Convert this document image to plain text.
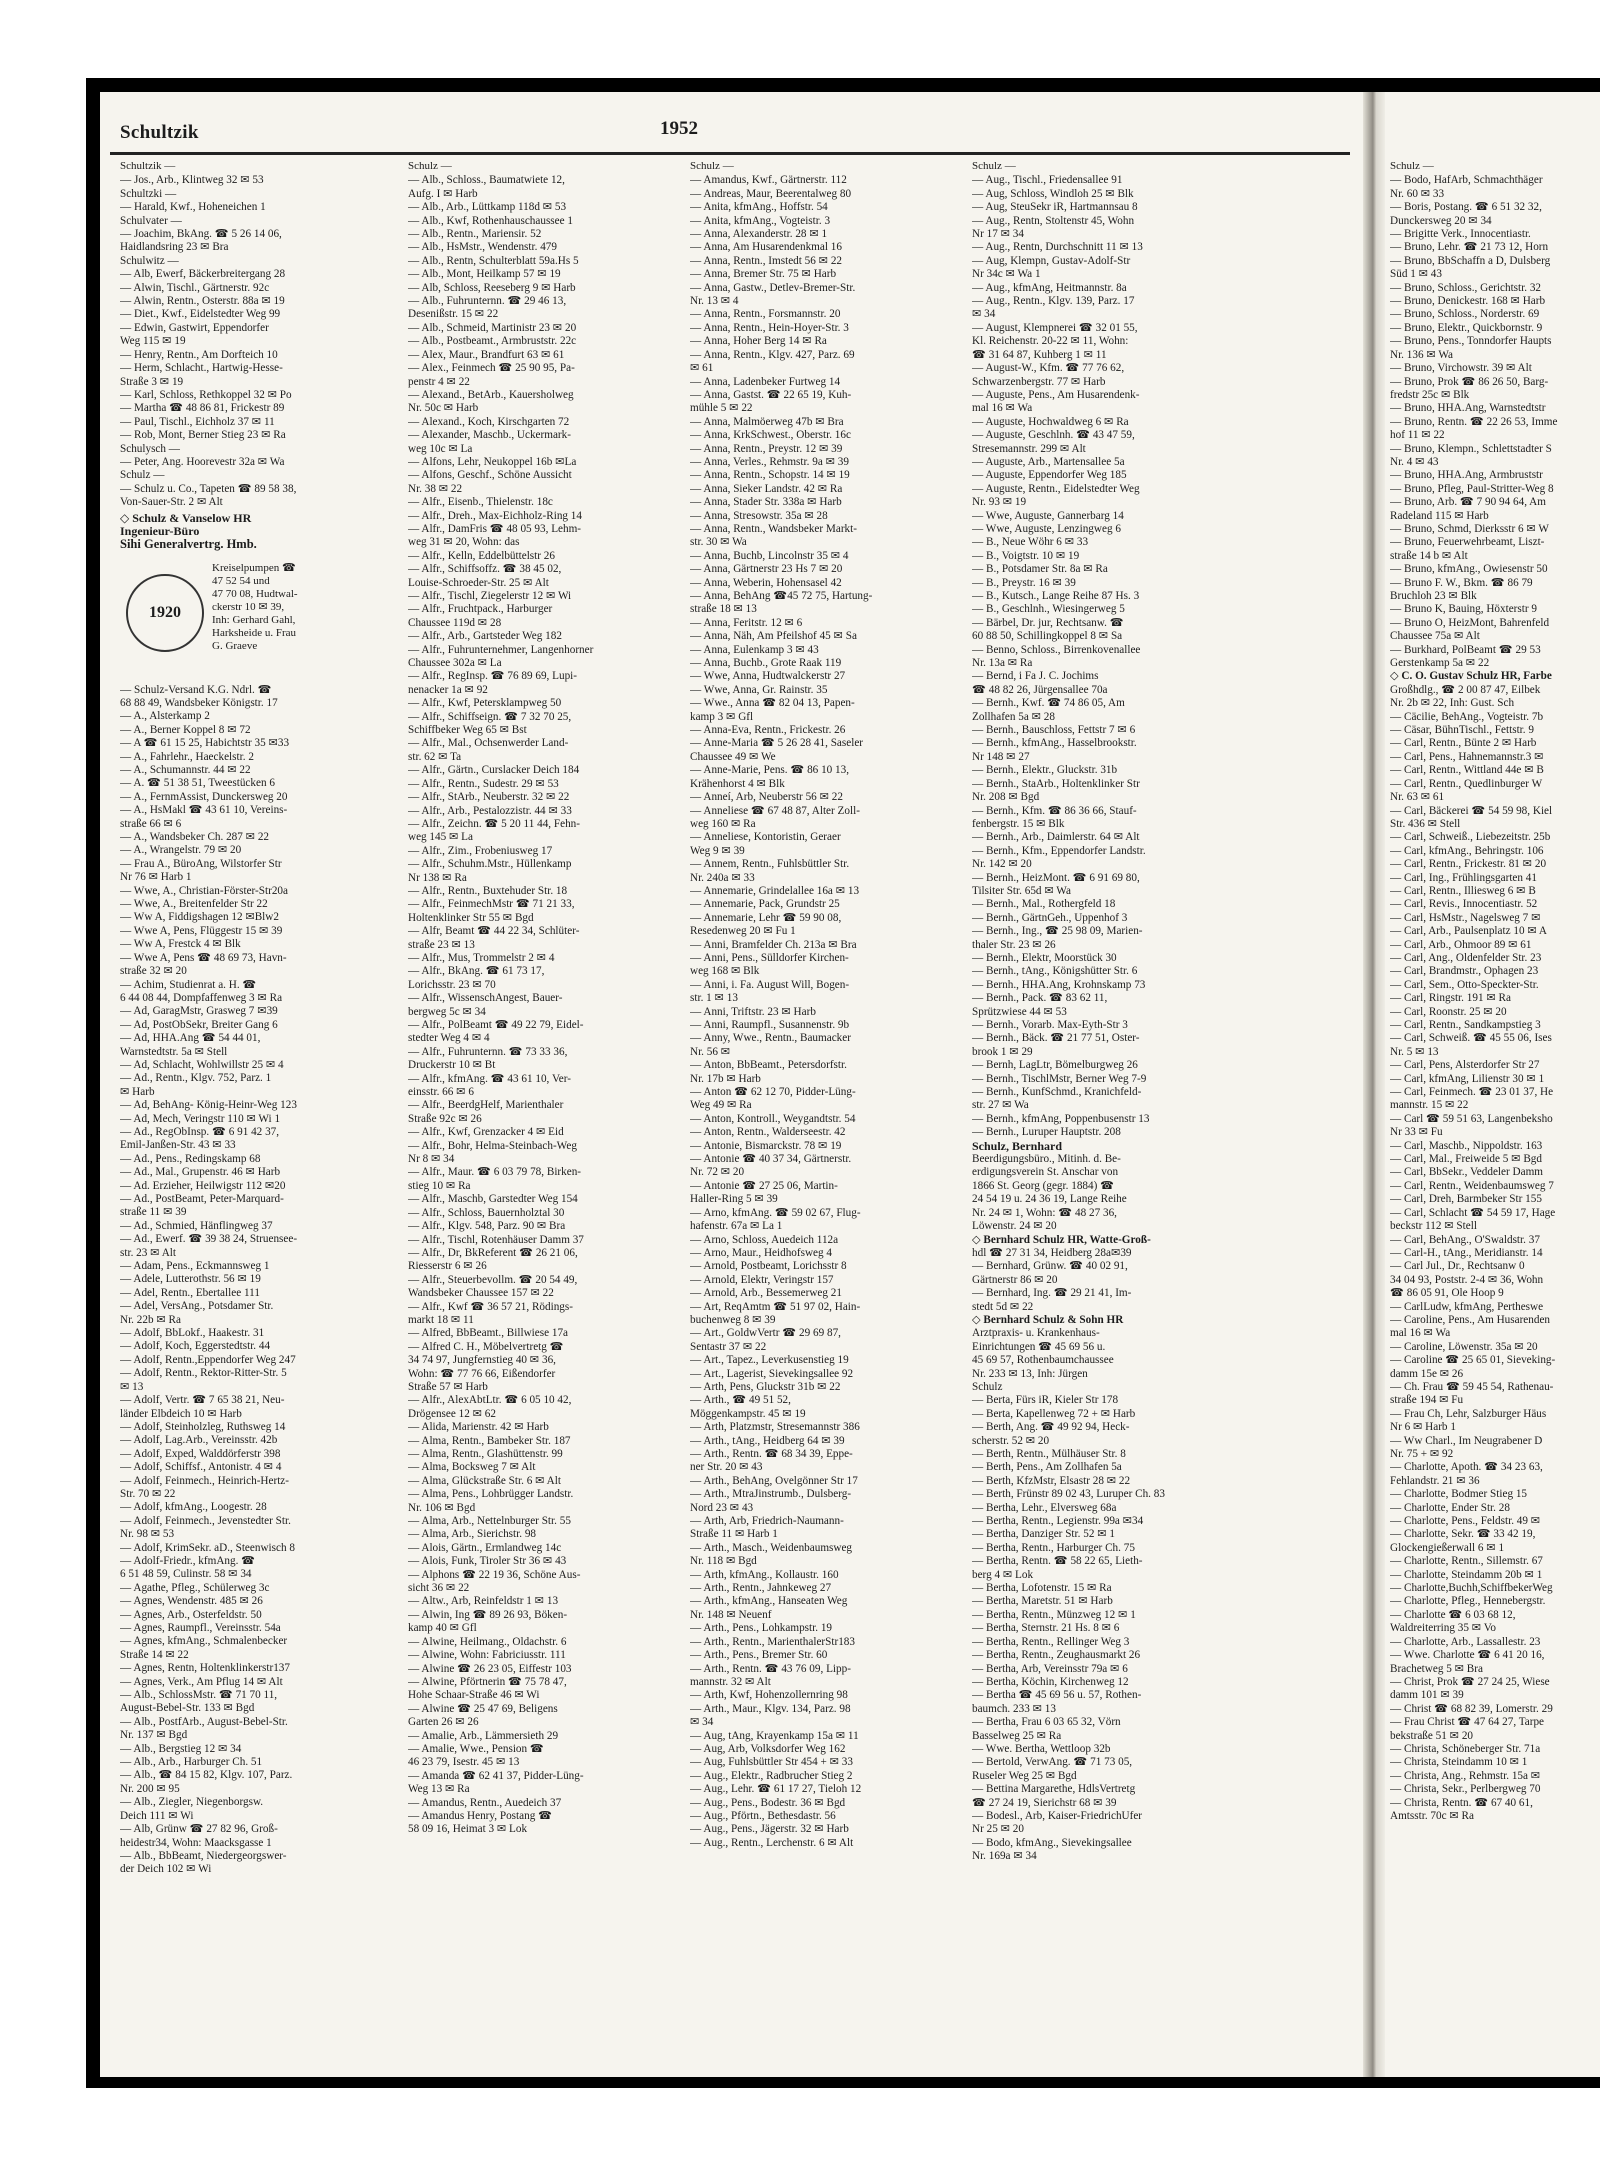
Schultzik	1952
Schultzik —
— Jos., Arb., Klintweg 32 ✉ 53
Schultzki —
— Harald, Kwf., Hoheneichen 1
Schulvater —
— Joachim, BkAng. ☎ 5 26 14 06,
Haidlandsring 23 ✉ Bra
Schulwitz —
— Alb, Ewerf, Bäckerbreitergang 28
— Alwin, Tischl., Gärtnerstr. 92c
— Alwin, Rentn., Osterstr. 88a ✉ 19
— Diet., Kwf., Eidelstedter Weg 99
— Edwin, Gastwirt, Eppendorfer
Weg 115 ✉ 19
— Henry, Rentn., Am Dorfteich 10
— Herm, Schlacht., Hartwig-Hesse-
Straße 3 ✉ 19
— Karl, Schloss, Rethkoppel 32 ✉ Po
— Martha ☎ 48 86 81, Frickestr 89
— Paul, Tischl., Eichholz 37 ✉ 11
— Rob, Mont, Berner Stieg 23 ✉ Ra
Schulysch —
— Peter, Ang. Hoorevestr 32a ✉ Wa
Schulz —
— Schulz u. Co., Tapeten ☎ 89 58 38,
Von-Sauer-Str. 2 ✉ Alt
◇ Schulz & Vanselow HR
Ingenieur-Büro
Sihi Generalvertrg. Hmb.
1920
Kreiselpumpen ☎
47 52 54 und
47 70 08, Hudtwal-
ckerstr 10 ✉ 39,
Inh: Gerhard Gahl,
Harksheide u. Frau
G. Graeve
— Schulz-Versand K.G. Ndrl. ☎
68 88 49, Wandsbeker Königstr. 17
— A., Alsterkamp 2
— A., Berner Koppel 8 ✉ 72
— A ☎ 61 15 25, Habichtstr 35 ✉33
— A., Fahrlehr., Haeckelstr. 2
— A., Schumannstr. 44 ✉ 22
— A. ☎ 51 38 51, Tweestücken 6
— A., FernmAssist, Dunckersweg 20
— A., HsMakl ☎ 43 61 10, Vereins-
straße 66 ✉ 6
— A., Wandsbeker Ch. 287 ✉ 22
— A., Wrangelstr. 79 ✉ 20
— Frau A., BüroAng, Wilstorfer Str
Nr 76 ✉ Harb 1
— Wwe, A., Christian-Förster-Str20a
— Wwe, A., Breitenfelder Str 22
— Ww A, Fiddigshagen 12 ✉Blw2
— Wwe A, Pens, Flüggestr 15 ✉ 39
— Ww A, Frestck 4 ✉ Blk
— Wwe A, Pens ☎ 48 69 73, Havn-
straße 32 ✉ 20
— Achim, Studienrat a. H. ☎
6 44 08 44, Dompfaffenweg 3 ✉ Ra
— Ad, GaragMstr, Grasweg 7 ✉39
— Ad, PostObSekr, Breiter Gang 6
— Ad, HHA.Ang ☎ 54 44 01,
Warnstedtstr. 5a ✉ Stell
— Ad, Schlacht, Wohlwillstr 25 ✉ 4
— Ad., Rentn., Klgv. 752, Parz. 1
✉ Harb
— Ad, BehAng- König-Heinr-Weg 123
— Ad, Mech, Veringstr 110 ✉ Wi 1
— Ad., RegObInsp. ☎ 6 91 42 37,
Emil-Janßen-Str. 43 ✉ 33
— Ad., Pens., Redingskamp 68
— Ad., Mal., Grupenstr. 46 ✉ Harb
— Ad. Erzieher, Heilwigstr 112 ✉20
— Ad., PostBeamt, Peter-Marquard-
straße 11 ✉ 39
— Ad., Schmied, Hänflingweg 37
— Ad., Ewerf. ☎ 39 38 24, Struensee-
str. 23 ✉ Alt
— Adam, Pens., Eckmannsweg 1
— Adele, Lutterothstr. 56 ✉ 19
— Adel, Rentn., Ebertallee 111
— Adel, VersAng., Potsdamer Str.
Nr. 22b ✉ Ra
— Adolf, BbLokf., Haakestr. 31
— Adolf, Koch, Eggerstedtstr. 44
— Adolf, Rentn.,Eppendorfer Weg 247
— Adolf, Rentn., Rektor-Ritter-Str. 5
✉ 13
— Adolf, Vertr. ☎ 7 65 38 21, Neu-
länder Elbdeich 10 ✉ Harb
— Adolf, Steinholzleg, Ruthsweg 14
— Adolf, Lag.Arb., Vereinsstr. 42b
— Adolf, Exped, Walddörferstr 398
— Adolf, Schiffsf., Antonistr. 4 ✉ 4
— Adolf, Feinmech., Heinrich-Hertz-
Str. 70 ✉ 22
— Adolf, kfmAng., Loogestr. 28
— Adolf, Feinmech., Jevenstedter Str.
Nr. 98 ✉ 53
— Adolf, KrimSekr. aD., Steenwisch 8
— Adolf-Friedr., kfmAng. ☎
6 51 48 59, Culinstr. 58 ✉ 34
— Agathe, Pfleg., Schülerweg 3c
— Agnes, Wendenstr. 485 ✉ 26
— Agnes, Arb., Osterfeldstr. 50
— Agnes, Raumpfl., Vereinsstr. 54a
— Agnes, kfmAng., Schmalenbecker
Straße 14 ✉ 22
— Agnes, Rentn, Holtenklinkerstr137
— Agnes, Verk., Am Pflug 14 ✉ Alt
— Alb., SchlossMstr. ☎ 71 70 11,
August-Bebel-Str. 133 ✉ Bgd
— Alb., PostfArb., August-Bebel-Str.
Nr. 137 ✉ Bgd
— Alb., Bergstieg 12 ✉ 34
— Alb., Arb., Harburger Ch. 51
— Alb., ☎ 84 15 82, Klgv. 107, Parz.
Nr. 200 ✉ 95
— Alb., Ziegler, Niegenborgsw.
Deich 111 ✉ Wi
— Alb, Grünw ☎ 27 82 96, Groß-
heidestr34, Wohn: Maacksgasse 1
— Alb., BbBeamt, Niedergeorgswer-
der Deich 102 ✉ Wi
Schulz —
— Alb., Schloss., Baumatwiete 12,
Aufg. I ✉ Harb
— Alb., Arb., Lüttkamp 118d ✉ 53
— Alb., Kwf, Rothenhauschaussee 1
— Alb., Rentn., Mariensir. 52
— Alb., HsMstr., Wendenstr. 479
— Alb., Rentn, Schulterblatt 59a.Hs 5
— Alb., Mont, Heilkamp 57 ✉ 19
— Alb, Schloss, Reeseberg 9 ✉ Harb
— Alb., Fuhrunternn. ☎ 29 46 13,
Desenißstr. 15 ✉ 22
— Alb., Schmeid, Martinistr 23 ✉ 20
— Alb., Postbeamt., Armbruststr. 22c
— Alex, Maur., Brandfurt 63 ✉ 61
— Alex., Feinmech ☎ 25 90 95, Pa-
penstr 4 ✉ 22
— Alexand., BetArb., Kauersholweg
Nr. 50c ✉ Harb
— Alexand., Koch, Kirschgarten 72
— Alexander, Maschb., Uckermark-
weg 10c ✉ La
— Alfons, Lehr, Neukoppel 16b ✉La
— Alfons, Geschf., Schöne Aussicht
Nr. 38 ✉ 22
— Alfr., Eisenb., Thielenstr. 18c
— Alfr., Dreh., Max-Eichholz-Ring 14
— Alfr., DamFris ☎ 48 05 93, Lehm-
weg 31 ✉ 20, Wohn: das
— Alfr., Kelln, Eddelbüttelstr 26
— Alfr., Schiffsoffz. ☎ 38 45 02,
Louise-Schroeder-Str. 25 ✉ Alt
— Alfr., Tischl, Ziegelerstr 12 ✉ Wi
— Alfr., Fruchtpack., Harburger
Chaussee 119d ✉ 28
— Alfr., Arb., Gartsteder Weg 182
— Alfr., Fuhrunternehmer, Langenhorner
Chaussee 302a ✉ La
— Alfr., RegInsp. ☎ 76 89 69, Lupi-
nenacker 1a ✉ 92
— Alfr., Kwf, Petersklampweg 50
— Alfr., Schiffseign. ☎ 7 32 70 25,
Schiffbeker Weg 65 ✉ Bst
— Alfr., Mal., Ochsenwerder Land-
str. 62 ✉ Ta
— Alfr., Gärtn., Curslacker Deich 184
— Alfr., Rentn., Sudestr. 29 ✉ 53
— Alfr., StArb., Neuberstr. 32 ✉ 22
— Alfr., Arb., Pestalozzistr. 44 ✉ 33
— Alfr., Zeichn. ☎ 5 20 11 44, Fehn-
weg 145 ✉ La
— Alfr., Zim., Frobeniusweg 17
— Alfr., Schuhm.Mstr., Hüllenkamp
Nr 138 ✉ Ra
— Alfr., Rentn., Buxtehuder Str. 18
— Alfr., FeinmechMstr ☎ 71 21 33,
Holtenklinker Str 55 ✉ Bgd
— Alfr, Beamt ☎ 44 22 34, Schlüter-
straße 23 ✉ 13
— Alfr., Mus, Trommelstr 2 ✉ 4
— Alfr., BkAng. ☎ 61 73 17,
Lorichsstr. 23 ✉ 70
— Alfr., WissenschAngest, Bauer-
bergweg 5c ✉ 34
— Alfr., PolBeamt ☎ 49 22 79, Eidel-
stedter Weg 4 ✉ 4
— Alfr., Fuhrunternn. ☎ 73 33 36,
Druckerstr 10 ✉ Bt
— Alfr., kfmAng. ☎ 43 61 10, Ver-
einsstr. 66 ✉ 6
— Alfr., BeerdgHelf, Marienthaler
Straße 92c ✉ 26
— Alfr., Kwf, Grenzacker 4 ✉ Eid
— Alfr., Bohr, Helma-Steinbach-Weg
Nr 8 ✉ 34
— Alfr., Maur. ☎ 6 03 79 78, Birken-
stieg 10 ✉ Ra
— Alfr., Maschb, Garstedter Weg 154
— Alfr., Schloss, Bauernholztal 30
— Alfr., Klgv. 548, Parz. 90 ✉ Bra
— Alfr., Tischl, Rotenhäuser Damm 37
— Alfr., Dr, BkReferent ☎ 26 21 06,
Riesserstr 6 ✉ 26
— Alfr., Steuerbevollm. ☎ 20 54 49,
Wandsbeker Chaussee 157 ✉ 22
— Alfr., Kwf ☎ 36 57 21, Rödings-
markt 18 ✉ 11
— Alfred, BbBeamt., Billwiese 17a
— Alfred C. H., Möbelvertretg ☎
34 74 97, Jungfernstieg 40 ✉ 36,
Wohn: ☎ 77 76 66, Eißendorfer
Straße 57 ✉ Harb
— Alfr., AlexAbtLtr. ☎ 6 05 10 42,
Drögensee 12 ✉ 62
— Alida, Marienstr. 42 ✉ Harb
— Alma, Rentn., Bambeker Str. 187
— Alma, Rentn., Glashüttenstr. 99
— Alma, Bocksweg 7 ✉ Alt
— Alma, Glückstraße Str. 6 ✉ Alt
— Alma, Pens., Lohbrügger Landstr.
Nr. 106 ✉ Bgd
— Alma, Arb., Nettelnburger Str. 55
— Alma, Arb., Sierichstr. 98
— Alois, Gärtn., Ermlandweg 14c
— Alois, Funk, Tiroler Str 36 ✉ 43
— Alphons ☎ 22 19 36, Schöne Aus-
sicht 36 ✉ 22
— Altw., Arb, Reinfeldstr 1 ✉ 13
— Alwin, Ing ☎ 89 26 93, Böken-
kamp 40 ✉ Gfl
— Alwine, Heilmang., Oldachstr. 6
— Alwine, Wohn: Fabriciusstr. 111
— Alwine ☎ 26 23 05, Eiffestr 103
— Alwine, Pförtnerin ☎ 75 78 47,
Hohe Schaar-Straße 46 ✉ Wi
— Alwine ☎ 25 47 69, Beligens
Garten 26 ✉ 26
— Amalie, Arb., Lämmersieth 29
— Amalie, Wwe., Pension ☎
46 23 79, Isestr. 45 ✉ 13
— Amanda ☎ 62 41 37, Pidder-Lüng-
Weg 13 ✉ Ra
— Amandus, Rentn., Auedeich 37
— Amandus Henry, Postang ☎
58 09 16, Heimat 3 ✉ Lok
Schulz —
— Amandus, Kwf., Gärtnerstr. 112
— Andreas, Maur, Beerentalweg 80
— Anita, kfmAng., Hoffstr. 54
— Anita, kfmAng., Vogteistr. 3
— Anna, Alexanderstr. 28 ✉ 1
— Anna, Am Husarendenkmal 16
— Anna, Rentn., Imstedt 56 ✉ 22
— Anna, Bremer Str. 75 ✉ Harb
— Anna, Gastw., Detlev-Bremer-Str.
Nr. 13 ✉ 4
— Anna, Rentn., Forsmannstr. 20
— Anna, Rentn., Hein-Hoyer-Str. 3
— Anna, Hoher Berg 14 ✉ Ra
— Anna, Rentn., Klgv. 427, Parz. 69
✉ 61
— Anna, Ladenbeker Furtweg 14
— Anna, Gastst. ☎ 22 65 19, Kuh-
mühle 5 ✉ 22
— Anna, Malmöerweg 47b ✉ Bra
— Anna, KrkSchwest., Oberstr. 16c
— Anna, Rentn., Preystr. 12 ✉ 39
— Anna, Verles., Rehmstr. 9a ✉ 39
— Anna, Rentn., Schopstr. 14 ✉ 19
— Anna, Sieker Landstr. 42 ✉ Ra
— Anna, Stader Str. 338a ✉ Harb
— Anna, Stresowstr. 35a ✉ 28
— Anna, Rentn., Wandsbeker Markt-
str. 30 ✉ Wa
— Anna, Buchb, Lincolnstr 35 ✉ 4
— Anna, Gärtnerstr 23 Hs 7 ✉ 20
— Anna, Weberin, Hohensasel 42
— Anna, BehAng ☎45 72 75, Hartung-
straße 18 ✉ 13
— Anna, Feritstr. 12 ✉ 6
— Anna, Näh, Am Pfeilshof 45 ✉ Sa
— Anna, Eulenkamp 3 ✉ 43
— Anna, Buchb., Grote Raak 119
— Wwe, Anna, Hudtwalckerstr 27
— Wwe, Anna, Gr. Rainstr. 35
— Wwe., Anna ☎ 82 04 13, Papen-
kamp 3 ✉ Gfl
— Anna-Eva, Rentn., Frickestr. 26
— Anne-Maria ☎ 5 26 28 41, Saseler
Chaussee 49 ✉ We
— Anne-Marie, Pens. ☎ 86 10 13,
Krähenhorst 4 ✉ Blk
— Anneí, Arb, Neuberstr 56 ✉ 22
— Anneliese ☎ 67 48 87, Alter Zoll-
weg 160 ✉ Ra
— Anneliese, Kontoristin, Geraer
Weg 9 ✉ 39
— Annem, Rentn., Fuhlsbüttler Str.
Nr. 240a ✉ 33
— Annemarie, Grindelallee 16a ✉ 13
— Annemarie, Pack, Grundstr 25
— Annemarie, Lehr ☎ 59 90 08,
Resedenweg 20 ✉ Fu 1
— Anni, Bramfelder Ch. 213a ✉ Bra
— Anni, Pens., Sülldorfer Kirchen-
weg 168 ✉ Blk
— Anni, i. Fa. August Will, Bogen-
str. 1 ✉ 13
— Anni, Triftstr. 23 ✉ Harb
— Anni, Raumpfl., Susannenstr. 9b
— Anny, Wwe., Rentn., Baumacker
Nr. 56 ✉
— Anton, BbBeamt., Petersdorfstr.
Nr. 17b ✉ Harb
— Anton ☎ 62 12 70, Pidder-Lüng-
Weg 49 ✉ Ra
— Anton, Kontroll., Weygandtstr. 54
— Anton, Rentn., Walderseestr. 42
— Antonie, Bismarckstr. 78 ✉ 19
— Antonie ☎ 40 37 34, Gärtnerstr.
Nr. 72 ✉ 20
— Antonie ☎ 27 25 06, Martin-
Haller-Ring 5 ✉ 39
— Arno, kfmAng. ☎ 59 02 67, Flug-
hafenstr. 67a ✉ La 1
— Arno, Schloss, Auedeich 112a
— Arno, Maur., Heidhofsweg 4
— Arnold, Postbeamt, Lorichsstr 8
— Arnold, Elektr, Veringstr 157
— Arnold, Arb., Bessemerweg 21
— Art, ReqAmtm ☎ 51 97 02, Hain-
buchenweg 8 ✉ 39
— Art., GoldwVertr ☎ 29 69 87,
Sentastr 37 ✉ 22
— Art., Tapez., Leverkusenstieg 19
— Art., Lagerist, Sievekingsallee 92
— Arth, Pens, Gluckstr 31b ✉ 22
— Arth., ☎ 49 51 52,
Möggenkampstr. 45 ✉ 19
— Arth, Platzmstr, Stresemannstr 386
— Arth., tAng., Heidberg 64 ✉ 39
— Arth., Rentn. ☎ 68 34 39, Eppe-
ner Str. 20 ✉ 43
— Arth., BehAng, Ovelgönner Str 17
— Arth., MtraJinstrumb., Dulsberg-
Nord 23 ✉ 43
— Arth, Arb, Friedrich-Naumann-
Straße 11 ✉ Harb 1
— Arth., Masch., Weidenbaumsweg
Nr. 118 ✉ Bgd
— Arth, kfmAng., Kollaustr. 160
— Arth., Rentn., Jahnkeweg 27
— Arth., kfmAng., Hanseaten Weg
Nr. 148 ✉ Neuenf
— Arth., Pens., Lohkampstr. 19
— Arth., Rentn., MarienthalerStr183
— Arth., Pens., Bremer Str. 60
— Arth., Rentn. ☎ 43 76 09, Lipp-
mannstr. 32 ✉ Alt
— Arth, Kwf, Hohenzollernring 98
— Arth., Maur., Klgv. 134, Parz. 98
✉ 34
— Aug, tAng, Krayenkamp 15a ✉ 11
— Aug, Arb, Volksdorfer Weg 162
— Aug, Fuhlsbüttler Str 454 + ✉ 33
— Aug., Elektr., Radbrucher Stieg 2
— Aug., Lehr. ☎ 61 17 27, Tieloh 12
— Aug., Pens., Bodestr. 36 ✉ Bgd
— Aug., Pförtn., Bethesdastr. 56
— Aug., Pens., Jägerstr. 32 ✉ Harb
— Aug., Rentn., Lerchenstr. 6 ✉ Alt
Schulz —
— Aug., Tischl., Friedensallee 91
— Aug, Schloss, Windloh 25 ✉ Blk
— Aug, SteuSekr iR, Hartmannsau 8
— Aug., Rentn, Stoltenstr 45, Wohn
Nr 17 ✉ 34
— Aug., Rentn, Durchschnitt 11 ✉ 13
— Aug, Klempn, Gustav-Adolf-Str
Nr 34c ✉ Wa 1
— Aug., kfmAng, Heitmannstr. 8a
— Aug., Rentn., Klgv. 139, Parz. 17
✉ 34
— August, Klempnerei ☎ 32 01 55,
Kl. Reichenstr. 20-22 ✉ 11, Wohn:
☎ 31 64 87, Kuhberg 1 ✉ 11
— August-W., Kfm. ☎ 77 76 62,
Schwarzenbergstr. 77 ✉ Harb
— Auguste, Pens., Am Husarendenk-
mal 16 ✉ Wa
— Auguste, Hochwaldweg 6 ✉ Ra
— Auguste, Geschlnh. ☎ 43 47 59,
Stresemannstr. 299 ✉ Alt
— Auguste, Arb., Martensallee 5a
— Auguste, Eppendorfer Weg 185
— Auguste, Rentn., Eidelstedter Weg
Nr. 93 ✉ 19
— Wwe, Auguste, Gannerbarg 14
— Wwe, Auguste, Lenzingweg 6
— B., Neue Wöhr 6 ✉ 33
— B., Voigtstr. 10 ✉ 19
— B., Potsdamer Str. 8a ✉ Ra
— B., Preystr. 16 ✉ 39
— B., Kutsch., Lange Reihe 87 Hs. 3
— B., Geschlnh., Wiesingerweg 5
— Bärbel, Dr. jur, Rechtsanw. ☎
60 88 50, Schillingkoppel 8 ✉ Sa
— Benno, Schloss., Birrenkovenallee
Nr. 13a ✉ Ra
— Bernd, i Fa J. C. Jochims
☎ 48 82 26, Jürgensallee 70a
— Bernh., Kwf. ☎ 74 86 05, Am
Zollhafen 5a ✉ 28
— Bernh., Bauschloss, Fettstr 7 ✉ 6
— Bernh., kfmAng., Hasselbrookstr.
Nr 148 ✉ 27
— Bernh., Elektr., Gluckstr. 31b
— Bernh., StaArb., Holtenklinker Str
Nr. 208 ✉ Bgd
— Bernh., Kfm. ☎ 86 36 66, Stauf-
fenbergstr. 15 ✉ Blk
— Bernh., Arb., Daimlerstr. 64 ✉ Alt
— Bernh., Kfm., Eppendorfer Landstr.
Nr. 142 ✉ 20
— Bernh., HeizMont. ☎ 6 91 69 80,
Tilsiter Str. 65d ✉ Wa
— Bernh., Mal., Rothergfeld 18
— Bernh., GärtnGeh., Uppenhof 3
— Bernh., Ing., ☎ 25 98 09, Marien-
thaler Str. 23 ✉ 26
— Bernh., Elektr, Moorstück 30
— Bernh., tAng., Königshütter Str. 6
— Bernh., HHA.Ang, Krohnskamp 73
— Bernh., Pack. ☎ 83 62 11,
Sprützwiese 44 ✉ 53
— Bernh., Vorarb. Max-Eyth-Str 3
— Bernh., Bäck. ☎ 21 77 51, Oster-
brook 1 ✉ 29
— Bernh, LagLtr, Bömelburgweg 26
— Bernh., TischlMstr, Berner Weg 7-9
— Bernh., KunfSchmd., Kranichfeld-
str. 27 ✉ Wa
— Bernh., kfmAng, Poppenbusenstr 13
— Bernh., Luruper Hauptstr. 208
Schulz, Bernhard
Beerdigungsbüro., Mitinh. d. Be-
erdigungsverein St. Anschar von
1866 St. Georg (gegr. 1884) ☎
24 54 19 u. 24 36 19, Lange Reihe
Nr. 24 ✉ 1, Wohn: ☎ 48 27 36,
Löwenstr. 24 ✉ 20
◇ Bernhard Schulz HR, Watte-Groß-
hdl ☎ 27 31 34, Heidberg 28a✉39
— Bernhard, Grünw. ☎ 40 02 91,
Gärtnerstr 86 ✉ 20
— Bernhard, Ing. ☎ 29 21 41, Im-
stedt 5d ✉ 22
◇ Bernhard Schulz & Sohn HR
Arztpraxis- u. Krankenhaus-
Einrichtungen ☎ 45 69 56 u.
45 69 57, Rothenbaumchaussee
Nr. 233 ✉ 13, Inh: Jürgen
Schulz
— Berta, Fürs iR, Kieler Str 178
— Berta, Kapellenweg 72 + ✉ Harb
— Berth, Ang. ☎ 49 92 94, Heck-
scherstr. 52 ✉ 20
— Berth, Rentn., Mülhäuser Str. 8
— Berth, Pens., Am Zollhafen 5a
— Berth, KfzMstr, Elsastr 28 ✉ 22
— Berth, Frünstr 89 02 43, Luruper Ch. 83
— Bertha, Lehr., Elversweg 68a
— Bertha, Rentn., Legienstr. 99a ✉34
— Bertha, Danziger Str. 52 ✉ 1
— Bertha, Rentn., Harburger Ch. 75
— Bertha, Rentn. ☎ 58 22 65, Lieth-
berg 4 ✉ Lok
— Bertha, Lofotenstr. 15 ✉ Ra
— Bertha, Maretstr. 51 ✉ Harb
— Bertha, Rentn., Münzweg 12 ✉ 1
— Bertha, Sternstr. 21 Hs. 8 ✉ 6
— Bertha, Rentn., Rellinger Weg 3
— Bertha, Rentn., Zeughausmarkt 26
— Bertha, Arb, Vereinsstr 79a ✉ 6
— Bertha, Köchin, Kirchenweg 12
— Bertha ☎ 45 69 56 u. 57, Rothen-
baumch. 233 ✉ 13
— Bertha, Frau 6 03 65 32, Vörn
Basselweg 25 ✉ Ra
— Wwe. Bertha, Wettloop 32b
— Bertold, VerwAng. ☎ 71 73 05,
Ruseler Weg 25 ✉ Bgd
— Bettina Margarethe, HdlsVertretg
☎ 27 24 19, Sierichstr 68 ✉ 39
— Bodesl., Arb, Kaiser-FriedrichUfer
Nr 25 ✉ 20
— Bodo, kfmAng., Sievekingsallee
Nr. 169a ✉ 34
Schulz —
— Bodo, HafArb, Schmachthäger
Nr. 60 ✉ 33
— Boris, Postang. ☎ 6 51 32 32,
Dunckersweg 20 ✉ 34
— Brigitte Verk., Innocentiastr.
— Bruno, Lehr. ☎ 21 73 12, Horn
— Bruno, BbSchaffn a D, Dulsberg
Süd 1 ✉ 43
— Bruno, Schloss., Gerichtstr. 32
— Bruno, Denickestr. 168 ✉ Harb
— Bruno, Schloss., Norderstr. 69
— Bruno, Elektr., Quickbornstr. 9
— Bruno, Pens., Tonndorfer Haupts
Nr. 136 ✉ Wa
— Bruno, Virchowstr. 39 ✉ Alt
— Bruno, Prok ☎ 86 26 50, Barg-
fredstr 25c ✉ Blk
— Bruno, HHA.Ang, Warnstedtstr
— Bruno, Rentn. ☎ 22 26 53, Imme
hof 11 ✉ 22
— Bruno, Klempn., Schlettstadter S
Nr. 4 ✉ 43
— Bruno, HHA.Ang, Armbruststr
— Bruno, Pfleg, Paul-Stritter-Weg 8
— Bruno, Arb. ☎ 7 90 94 64, Am
Radeland 115 ✉ Harb
— Bruno, Schmd, Dierksstr 6 ✉ W
— Bruno, Feuerwehrbeamt, Liszt-
straße 14 b ✉ Alt
— Bruno, kfmAng., Owiesenstr 50
— Bruno F. W., Bkm. ☎ 86 79
Bruchloh 23 ✉ Blk
— Bruno K, Bauing, Höxterstr 9
— Bruno O, HeizMont, Bahrenfeld
Chaussee 75a ✉ Alt
— Burkhard, PolBeamt ☎ 29 53
Gerstenkamp 5a ✉ 22
◇ C. O. Gustav Schulz HR, Farbe
Großhdlg., ☎ 2 00 87 47, Eilbek
Nr. 2b ✉ 22, Inh: Gust. Sch
— Cäcilie, BehAng., Vogteistr. 7b
— Cäsar, BühnTischl., Fettstr. 9
— Carl, Rentn., Bünte 2 ✉ Harb
— Carl, Pens., Hahnemannstr.3 ✉
— Carl, Rentn., Wittland 44e ✉ B
— Carl, Rentn., Quedlinburger W
Nr. 63 ✉ 61
— Carl, Bäckerei ☎ 54 59 98, Kiel
Str. 436 ✉ Stell
— Carl, Schweiß., Liebezeitstr. 25b
— Carl, kfmAng., Behringstr. 106
— Carl, Rentn., Frickestr. 81 ✉ 20
— Carl, Ing., Frühlingsgarten 41
— Carl, Rentn., Illiesweg 6 ✉ B
— Carl, Revis., Innocentiastr. 52
— Carl, HsMstr., Nagelsweg 7 ✉
— Carl, Arb., Paulsenplatz 10 ✉ A
— Carl, Arb., Ohmoor 89 ✉ 61
— Carl, Ang., Oldenfelder Str. 23
— Carl, Brandmstr., Ophagen 23
— Carl, Sem., Otto-Speckter-Str.
— Carl, Ringstr. 191 ✉ Ra
— Carl, Roonstr. 25 ✉ 20
— Carl, Rentn., Sandkampstieg 3
— Carl, Schweiß. ☎ 45 55 06, Ises
Nr. 5 ✉ 13
— Carl, Pens, Alsterdorfer Str 27
— Carl, kfmAng, Lilienstr 30 ✉ 1
— Carl, Feinmech. ☎ 23 01 37, He
mannstr. 15 ✉ 22
— Carl ☎ 59 51 63, Langenbeksho
Nr 33 ✉ Fu
— Carl, Maschb., Nippoldstr. 163
— Carl, Mal., Freiweide 5 ✉ Bgd
— Carl, BbSekr., Veddeler Damm
— Carl, Rentn., Weidenbaumsweg 7
— Carl, Dreh, Barmbeker Str 155
— Carl, Schlacht ☎ 54 59 17, Hage
beckstr 112 ✉ Stell
— Carl, BehAng., O'Swaldstr. 37
— Carl-H., tAng., Meridianstr. 14
— Carl Jul., Dr., Rechtsanw 0
34 04 93, Poststr. 2-4 ✉ 36, Wohn
☎ 86 05 91, Ole Hoop 9
— CarlLudw, kfmAng, Pertheswe
— Caroline, Pens., Am Husarenden
mal 16 ✉ Wa
— Caroline, Löwenstr. 35a ✉ 20
— Caroline ☎ 25 65 01, Sieveking-
damm 15e ✉ 26
— Ch. Frau ☎ 59 45 54, Rathenau-
straße 194 ✉ Fu
— Frau Ch, Lehr, Salzburger Häus
Nr 6 ✉ Harb 1
— Ww Charl., Im Neugrabener D
Nr. 75 + ✉ 92
— Charlotte, Apoth. ☎ 34 23 63,
Fehlandstr. 21 ✉ 36
— Charlotte, Bodmer Stieg 15
— Charlotte, Ender Str. 28
— Charlotte, Pens., Feldstr. 49 ✉
— Charlotte, Sekr. ☎ 33 42 19,
Glockengießerwall 6 ✉ 1
— Charlotte, Rentn., Sillemstr. 67
— Charlotte, Steindamm 20b ✉ 1
— Charlotte,Buchh,SchiffbekerWeg
— Charlotte, Pfleg., Hennebergstr.
— Charlotte ☎ 6 03 68 12,
Waldreiterring 35 ✉ Vo
— Charlotte, Arb., Lassallestr. 23
— Wwe. Charlotte ☎ 6 41 20 16,
Brachetweg 5 ✉ Bra
— Christ, Prok ☎ 27 24 25, Wiese
damm 101 ✉ 39
— Christ ☎ 68 82 39, Lomerstr. 29
— Frau Christ ☎ 47 64 27, Tarpe
bekstraße 51 ✉ 20
— Christa, Schöneberger Str. 71a
— Christa, Steindamm 10 ✉ 1
— Christa, Ang., Rehmstr. 15a ✉
— Christa, Sekr., Perlbergweg 70
— Christa, Rentn. ☎ 67 40 61,
Amtsstr. 70c ✉ Ra
